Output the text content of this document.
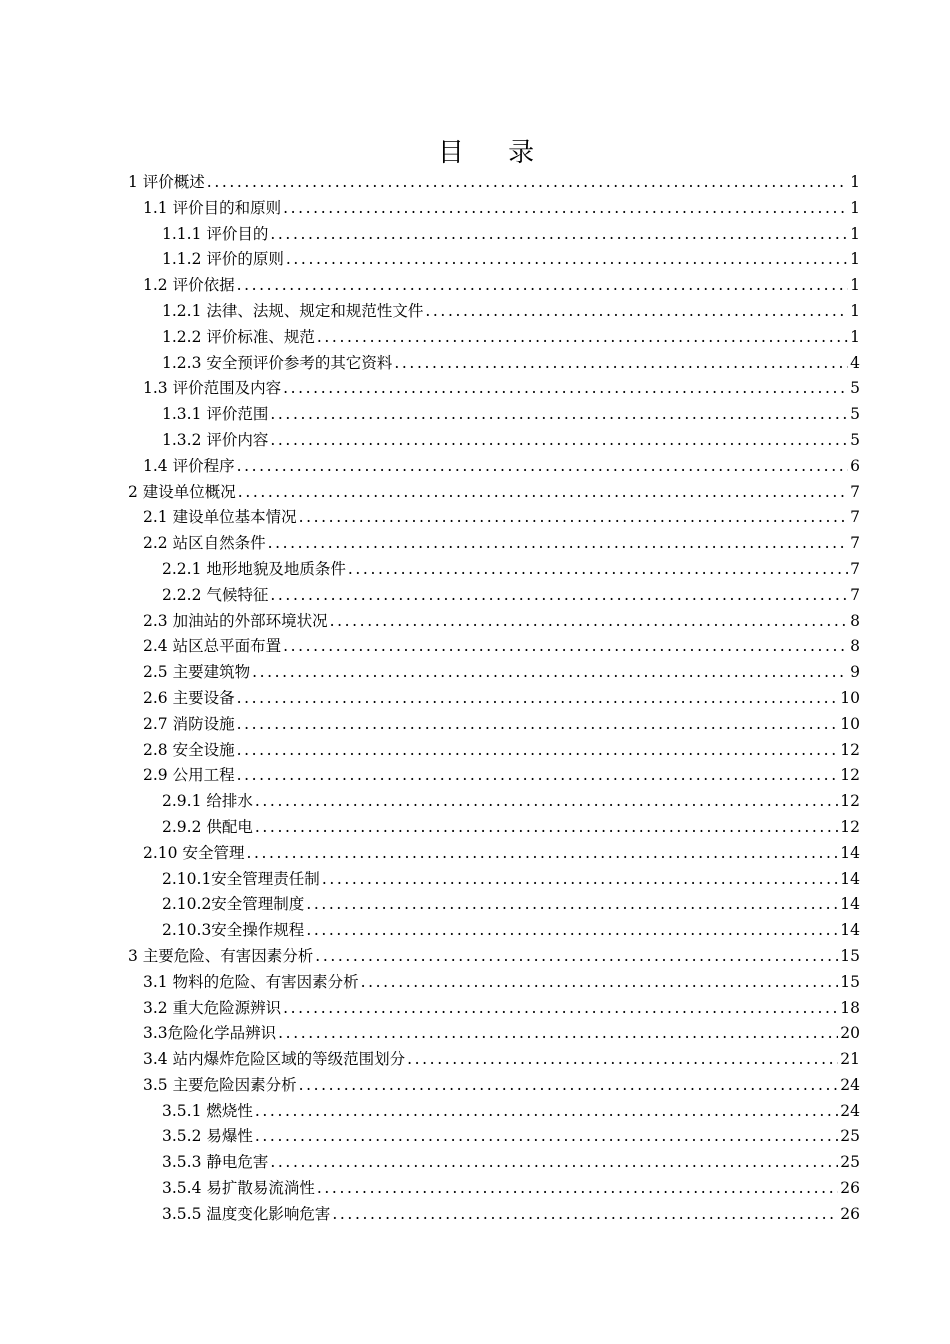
目 录
1 评价概述 .....	1
1.1 评价目的和原则 .....	1
1.1.1 评价目的 .....	1
1.1.2 评价的原则 .....	1
1.2 评价依据 .....	1
1.2.1 法律、法规、规定和规范性文件 .....	1
1.2.2 评价标准、规范 .....	1
1.2.3 安全预评价参考的其它资料 .....	4
1.3 评价范围及内容 .....	5
1.3.1 评价范围 .....	5
1.3.2 评价内容 .....	5
1.4 评价程序 .....	6
2 建设单位概况 .....	7
2.1 建设单位基本情况 .....	7
2.2 站区自然条件 .....	7
2.2.1 地形地貌及地质条件 .....	7
2.2.2 气候特征 .....	7
2.3 加油站的外部环境状况 .....	8
2.4 站区总平面布置 .....	8
2.5 主要建筑物 .....	9
2.6 主要设备 .....	10
2.7 消防设施 .....	10
2.8 安全设施 .....	12
2.9 公用工程 .....	12
2.9.1 给排水 .....	12
2.9.2 供配电 .....	12
2.10 安全管理 .....	14
2.10.1安全管理责任制 .....	14
2.10.2安全管理制度 .....	14
2.10.3安全操作规程 .....	14
3 主要危险、有害因素分析 .....	15
3.1 物料的危险、有害因素分析 .....	15
3.2 重大危险源辨识 .....	18
3.3危险化学品辨识 .....	20
3.4 站内爆炸危险区域的等级范围划分 .....	21
3.5 主要危险因素分析 .....	24
3.5.1 燃烧性 .....	24
3.5.2 易爆性 .....	25
3.5.3 静电危害 .....	25
3.5.4 易扩散易流淌性 .....	26
3.5.5 温度变化影响危害 .....	26
